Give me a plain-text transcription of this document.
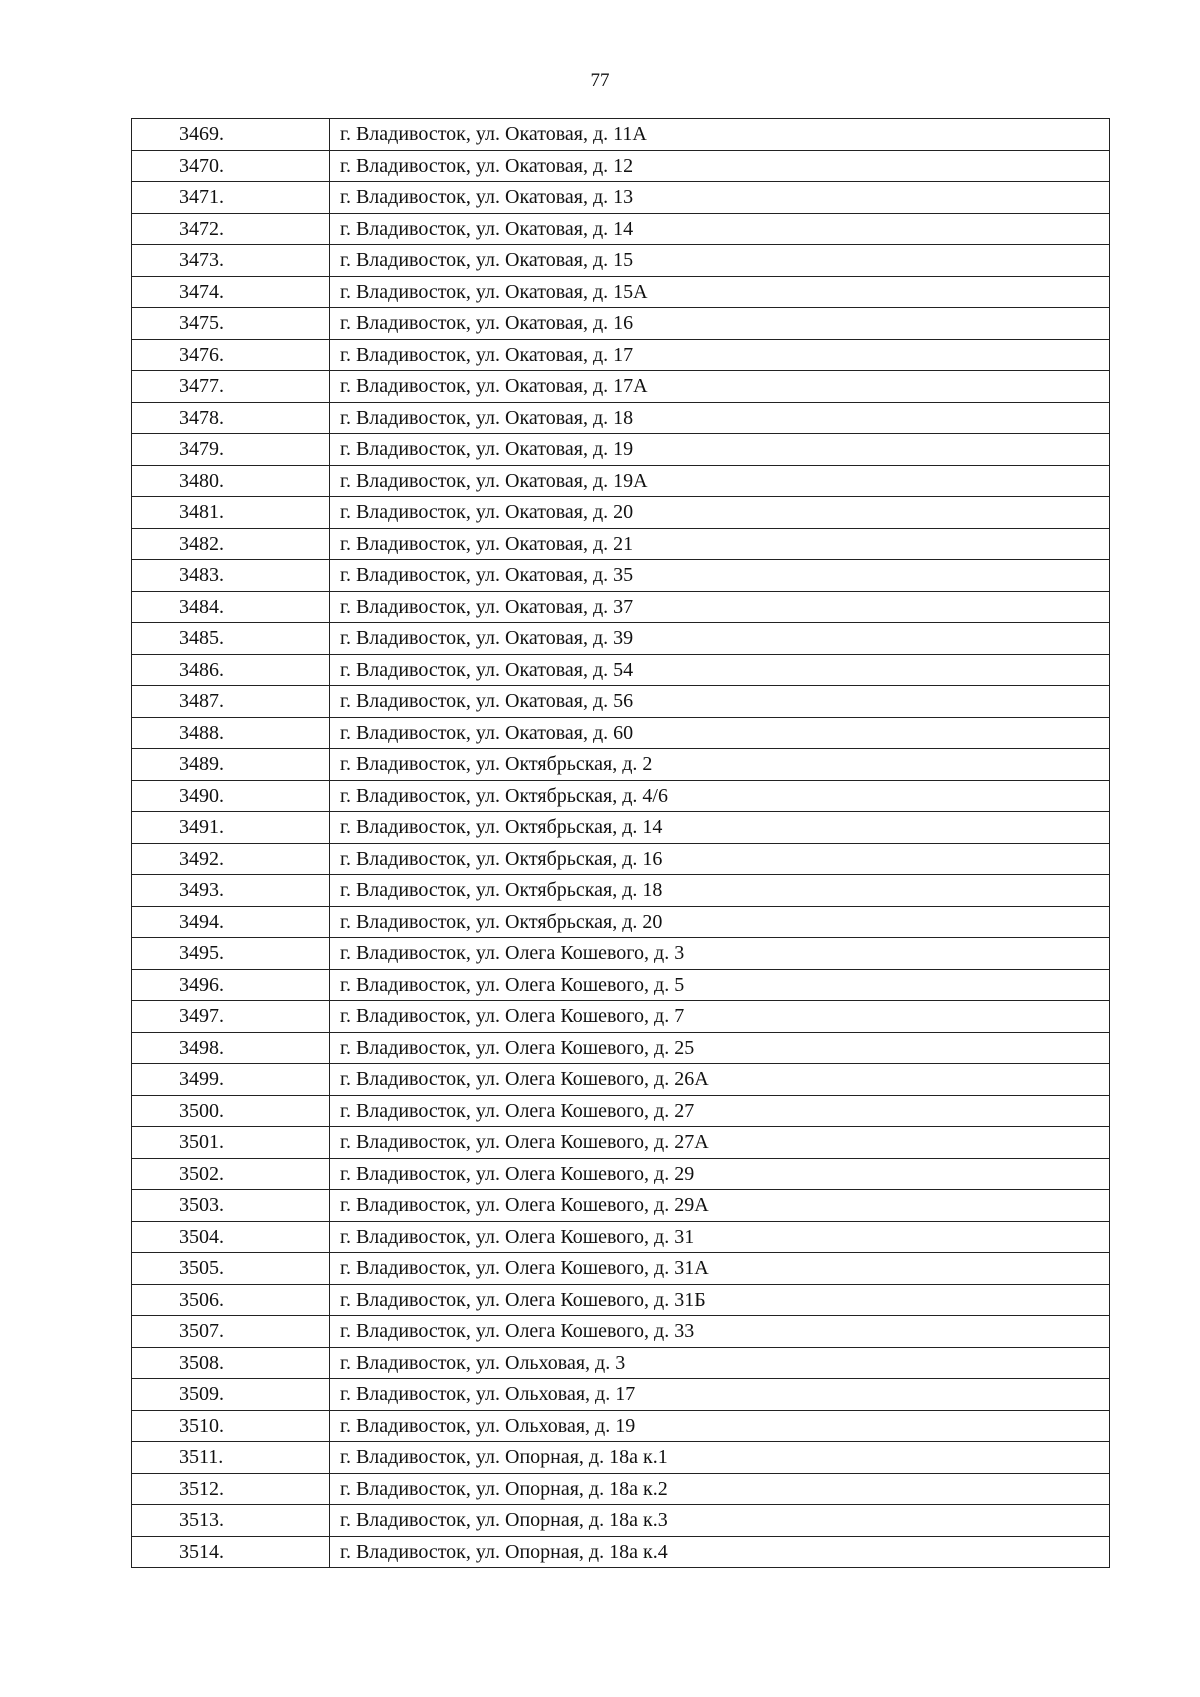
77
3469.	г. Владивосток, ул. Окатовая, д. 11А
3470.	г. Владивосток, ул. Окатовая, д. 12
3471.	г. Владивосток, ул. Окатовая, д. 13
3472.	г. Владивосток, ул. Окатовая, д. 14
3473.	г. Владивосток, ул. Окатовая, д. 15
3474.	г. Владивосток, ул. Окатовая, д. 15А
3475.	г. Владивосток, ул. Окатовая, д. 16
3476.	г. Владивосток, ул. Окатовая, д. 17
3477.	г. Владивосток, ул. Окатовая, д. 17А
3478.	г. Владивосток, ул. Окатовая, д. 18
3479.	г. Владивосток, ул. Окатовая, д. 19
3480.	г. Владивосток, ул. Окатовая, д. 19А
3481.	г. Владивосток, ул. Окатовая, д. 20
3482.	г. Владивосток, ул. Окатовая, д. 21
3483.	г. Владивосток, ул. Окатовая, д. 35
3484.	г. Владивосток, ул. Окатовая, д. 37
3485.	г. Владивосток, ул. Окатовая, д. 39
3486.	г. Владивосток, ул. Окатовая, д. 54
3487.	г. Владивосток, ул. Окатовая, д. 56
3488.	г. Владивосток, ул. Окатовая, д. 60
3489.	г. Владивосток, ул. Октябрьская, д. 2
3490.	г. Владивосток, ул. Октябрьская, д. 4/6
3491.	г. Владивосток, ул. Октябрьская, д. 14
3492.	г. Владивосток, ул. Октябрьская, д. 16
3493.	г. Владивосток, ул. Октябрьская, д. 18
3494.	г. Владивосток, ул. Октябрьская, д. 20
3495.	г. Владивосток, ул. Олега Кошевого, д. 3
3496.	г. Владивосток, ул. Олега Кошевого, д. 5
3497.	г. Владивосток, ул. Олега Кошевого, д. 7
3498.	г. Владивосток, ул. Олега Кошевого, д. 25
3499.	г. Владивосток, ул. Олега Кошевого, д. 26А
3500.	г. Владивосток, ул. Олега Кошевого, д. 27
3501.	г. Владивосток, ул. Олега Кошевого, д. 27А
3502.	г. Владивосток, ул. Олега Кошевого, д. 29
3503.	г. Владивосток, ул. Олега Кошевого, д. 29А
3504.	г. Владивосток, ул. Олега Кошевого, д. 31
3505.	г. Владивосток, ул. Олега Кошевого, д. 31А
3506.	г. Владивосток, ул. Олега Кошевого, д. 31Б
3507.	г. Владивосток, ул. Олега Кошевого, д. 33
3508.	г. Владивосток, ул. Ольховая, д. 3
3509.	г. Владивосток, ул. Ольховая, д. 17
3510.	г. Владивосток, ул. Ольховая, д. 19
3511.	г. Владивосток, ул. Опорная, д. 18а к.1
3512.	г. Владивосток, ул. Опорная, д. 18а к.2
3513.	г. Владивосток, ул. Опорная, д. 18а к.3
3514.	г. Владивосток, ул. Опорная, д. 18а к.4
